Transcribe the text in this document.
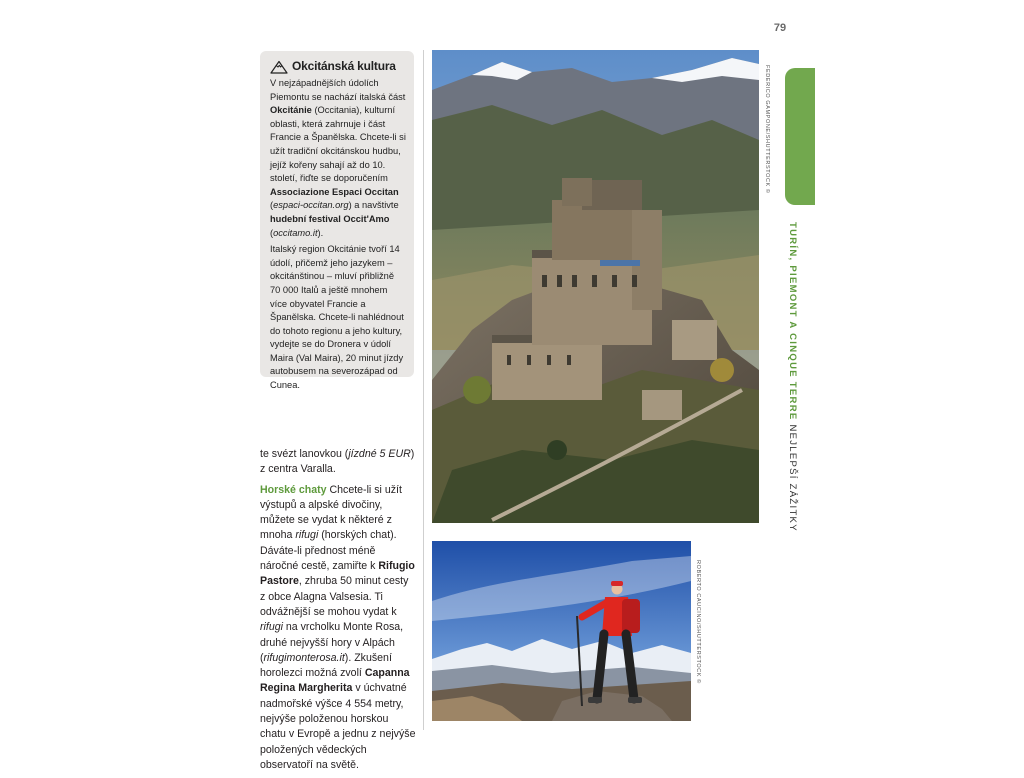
79
TURÍN, PIEMONT A CINQUE TERRE NEJLEPŠÍ ZÁŽITKY
Okcitánská kultura

V nejzápadnějších údolích Piemontu se nachází italská část Okcitánie (Occitania), kulturní oblasti, která zahrnuje i část Francie a Španělska. Chcete-li si užít tradiční okcitánskou hudbu, jejíž kořeny sahají až do 10. století, řiďte se doporučením Associazione Espaci Occitan (espaci-occitan.org) a navštivte hudební festival Occit'Amo (occitamo.it).

Italský region Okcitánie tvoří 14 údolí, přičemž jeho jazykem – okcitánštinou – mluví přibližně 70 000 Italů a ještě mnohem více obyvatel Francie a Španělska. Chcete-li nahlédnout do tohoto regionu a jeho kultury, vydejte se do Dronera v údolí Maira (Val Maira), 20 minut jízdy autobusem na severozápad od Cunea.

te svézt lanovkou (jízdné 5 EUR) z centra Varalla.

Horské chaty Chcete-li si užít výstupů a alpské divočiny, můžete se vydat k některé z mnoha rifugi (horských chat). Dáváte-li přednost méně náročné cestě, zamiřte k Rifugio Pastore, zhruba 50 minut cesty z obce Alagna Valsesia. Ti odvážnější se mohou vydat k rifugi na vrcholku Monte Rosa, druhé nejvyšší hory v Alpách (rifugimonterosa.it). Zkušení horolezci možná zvolí Capanna Regina Margherita v úchvatné nadmořské výšce 4 554 metry, nejvýše položenou horskou chatu v Evropě a jednu z nejvýše položených vědeckých observatoří na světě.

FEDERICO GAMPONE/SHUTTERSTOCK ©
ROBERTO CAUCINO/SHUTTERSTOCK ©
